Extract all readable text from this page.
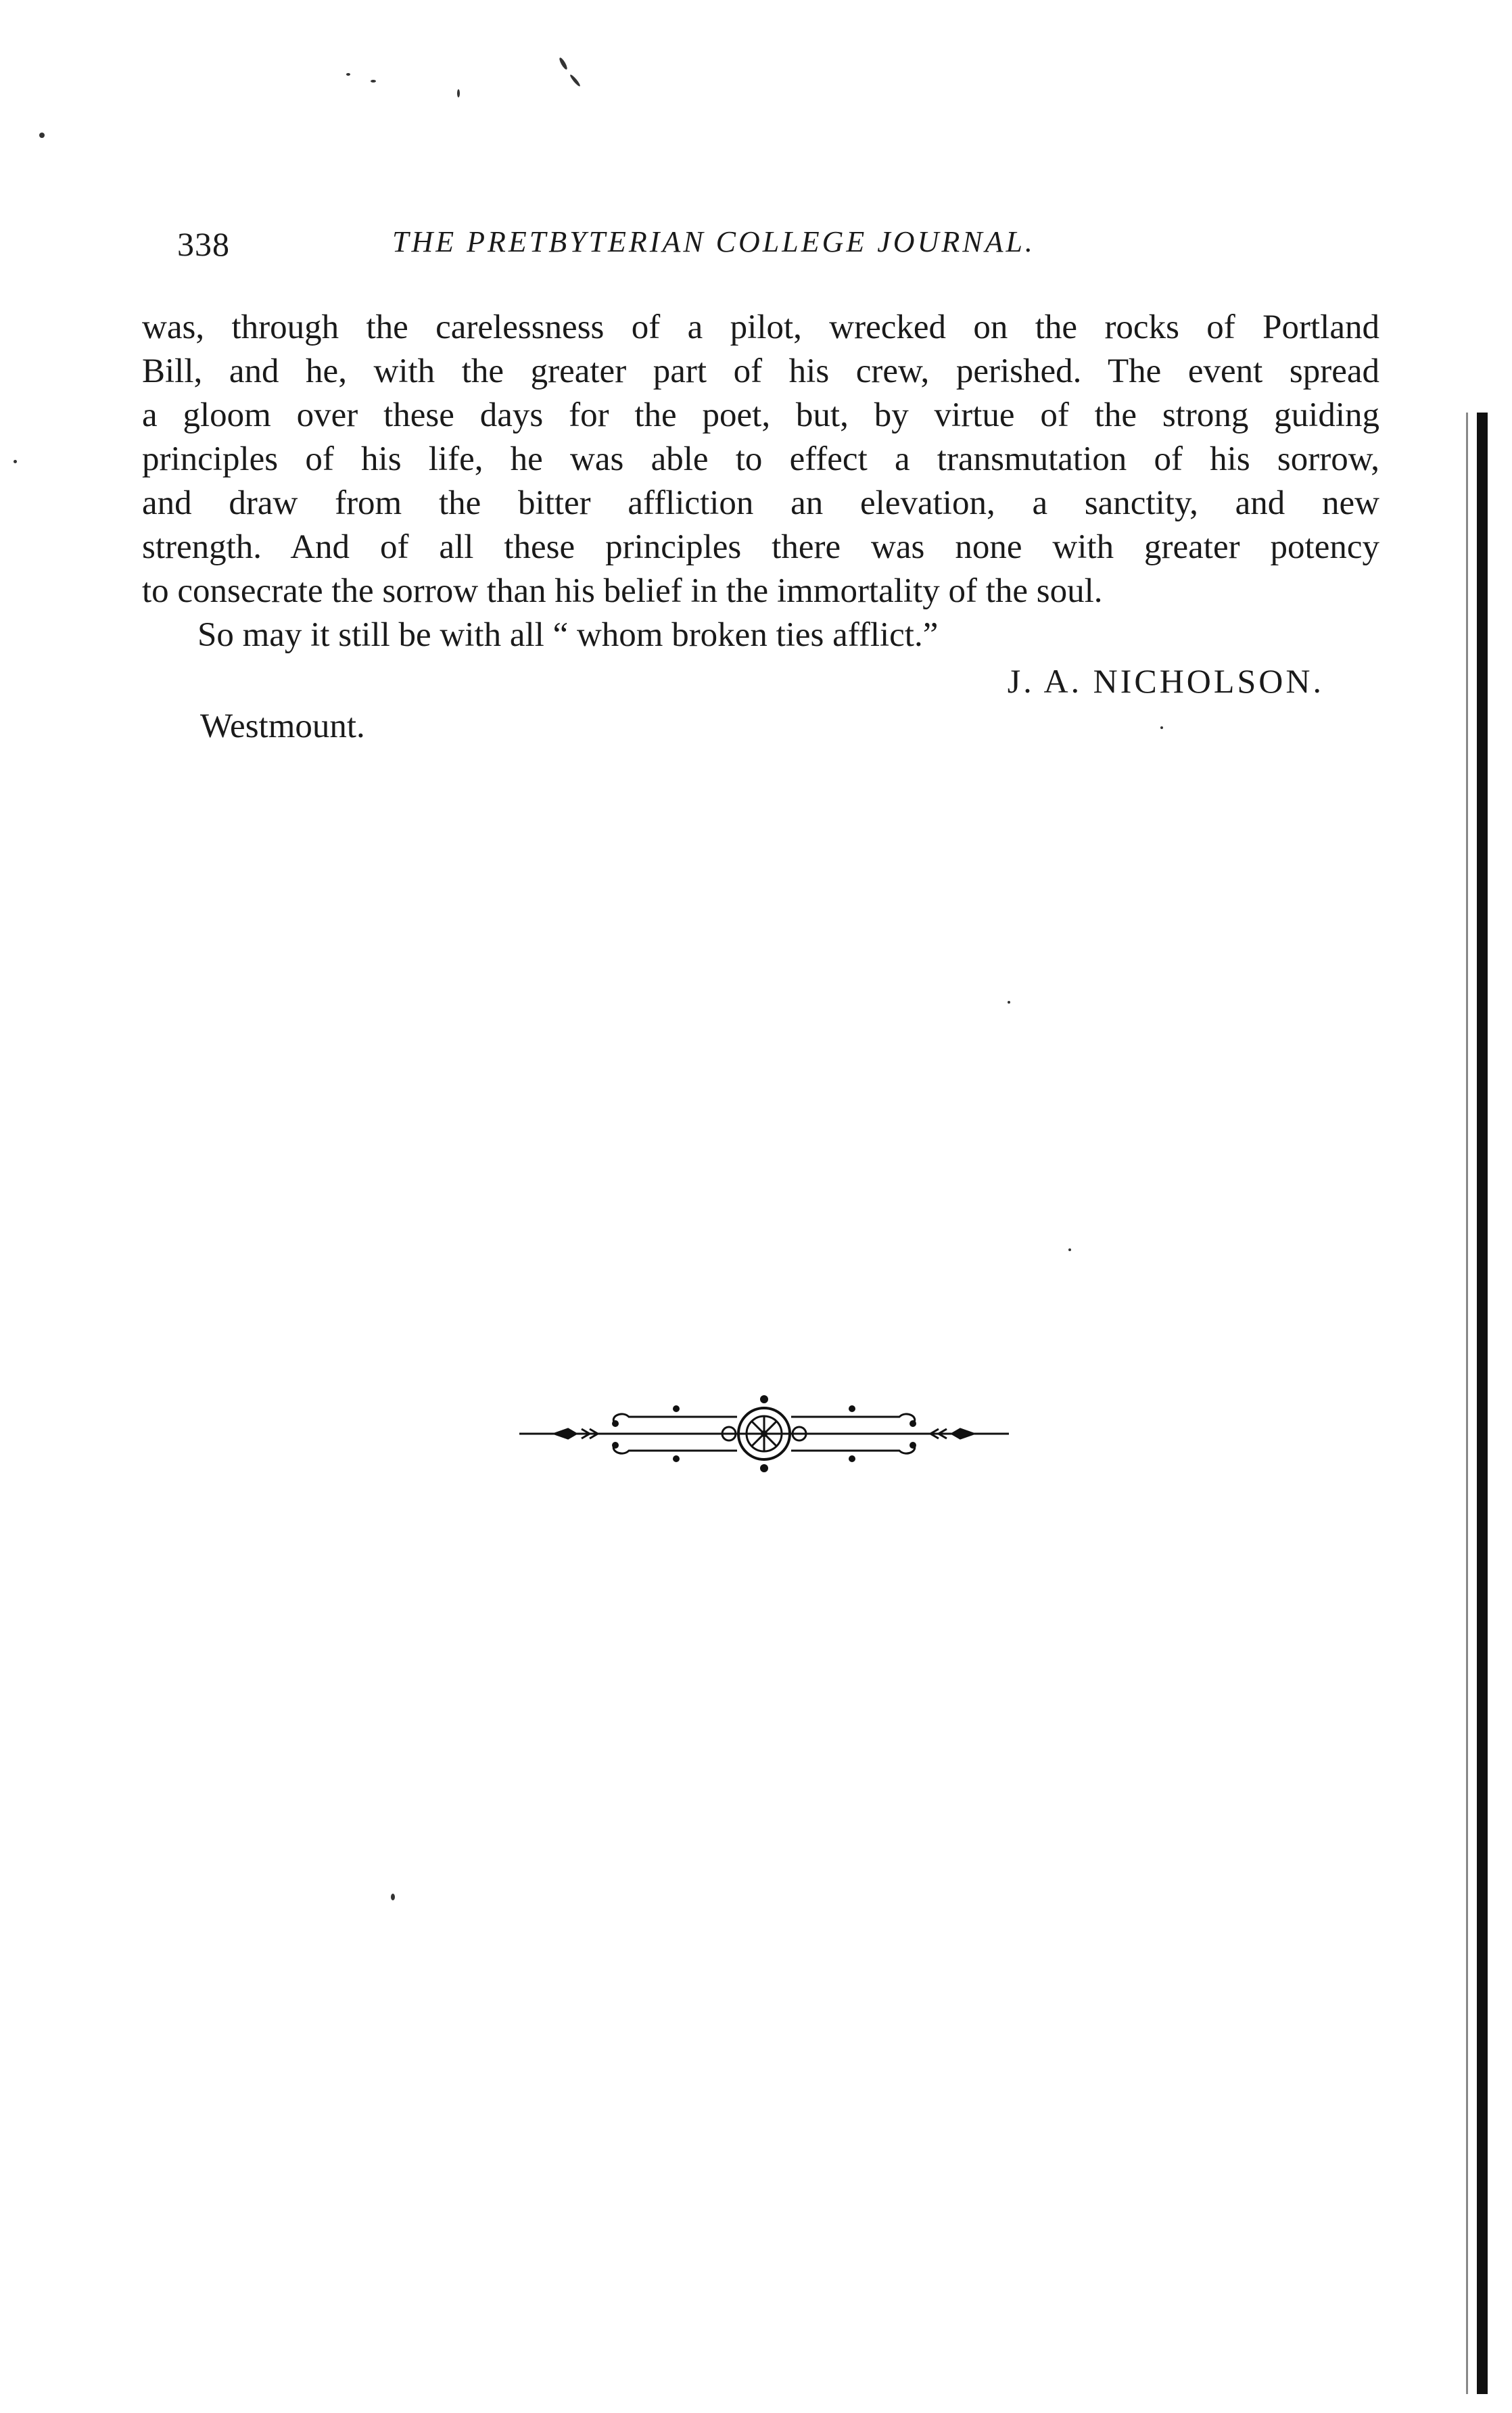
338	THE PRETBYTERIAN COLLEGE JOURNAL.
was, through the carelessness of a pilot, wrecked on the rocks of Portland
Bill, and he, with the greater part of his crew, perished. The event spread
a gloom over these days for the poet, but, by virtue of the strong guiding
principles of his life, he was able to effect a transmutation of his sorrow,
and draw from the bitter affliction an elevation, a sanctity, and new
strength. And of all these principles there was none with greater potency
to consecrate the sorrow than his belief in the immortality of the soul.
So may it still be with all “ whom broken ties afflict.”
J. A. NICHOLSON.
Westmount.
